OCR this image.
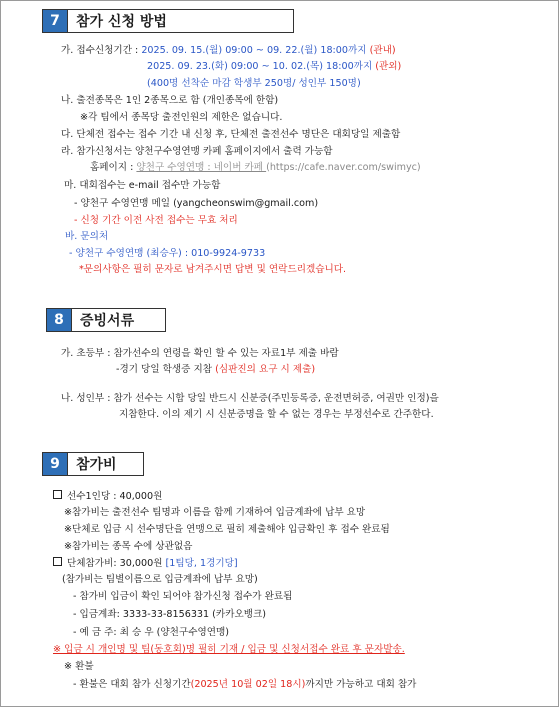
7	참가 신청 방법
가. 접수신청기간 : 2025. 09. 15.(월) 09:00 ~ 09. 22.(월) 18:00까지 (관내)
2025. 09. 23.(화) 09:00 ~ 10. 02.(목) 18:00까지 (관외)
(400명 선착순 마감 학생부 250명/ 성인부 150명)
나. 출전종목은 1인 2종목으로 함 (개인종목에 한함)
※각 팀에서 종목당 출전인원의 제한은 없습니다.
다. 단체전 접수는 접수 기간 내 신청 후, 단체전 출전선수 명단은 대회당일 제출함
라. 참가신청서는 양천구수영연맹 카페 홈페이지에서 출력 가능함
홈페이지 : 양천구 수영연맹 : 네이버 카페 (https://cafe.naver.com/swimyc)
마. 대회접수는 e-mail 접수만 가능함
- 양천구 수영연맹 메일 (yangcheonswim@gmail.com)
- 신청 기간 이전 사전 접수는 무효 처리
바. 문의처
- 양천구 수영연맹 (최승우) : 010-9924-9733
*문의사항은 필히 문자로 남겨주시면 답변 및 연락드리겠습니다.
8	증빙서류
가. 초등부 : 참가선수의 연령을 확인 할 수 있는 자료1부 제출 바람
-경기 당일 학생증 지참 (심판진의 요구 시 제출)
나. 성인부 : 참가 선수는 시합 당일 반드시 신분증(주민등록증, 운전면허증, 여권만 인정)을
지참한다. 이의 제기 시 신분증명을 할 수 없는 경우는 부정선수로 간주한다.
9	참가비
선수1인당 : 40,000원
※참가비는 출전선수 팀명과 이름을 함께 기재하여 입금계좌에 납부 요망
※단체로 입금 시 선수명단을 연맹으로 필히 제출해야 입금확인 후 접수 완료됨
※참가비는 종목 수에 상관없음
단체참가비: 30,000원 [1팀당, 1경기당]
(참가비는 팀별이름으로 입금계좌에 납부 요망)
- 참가비 입금이 확인 되어야 참가신청 접수가 완료됨
- 입금계좌: 3333-33-8156331 (카카오뱅크)
- 예 금 주: 최 승 우 (양천구수영연맹)
※ 입금 시 개인명 및 팀(동호회)명 필히 기재 / 입금 및 신청서접수 완료 후 문자발송.
※ 환불
- 환불은 대회 참가 신청기간(2025년 10월 02일 18시)까지만 가능하고 대회 참가
